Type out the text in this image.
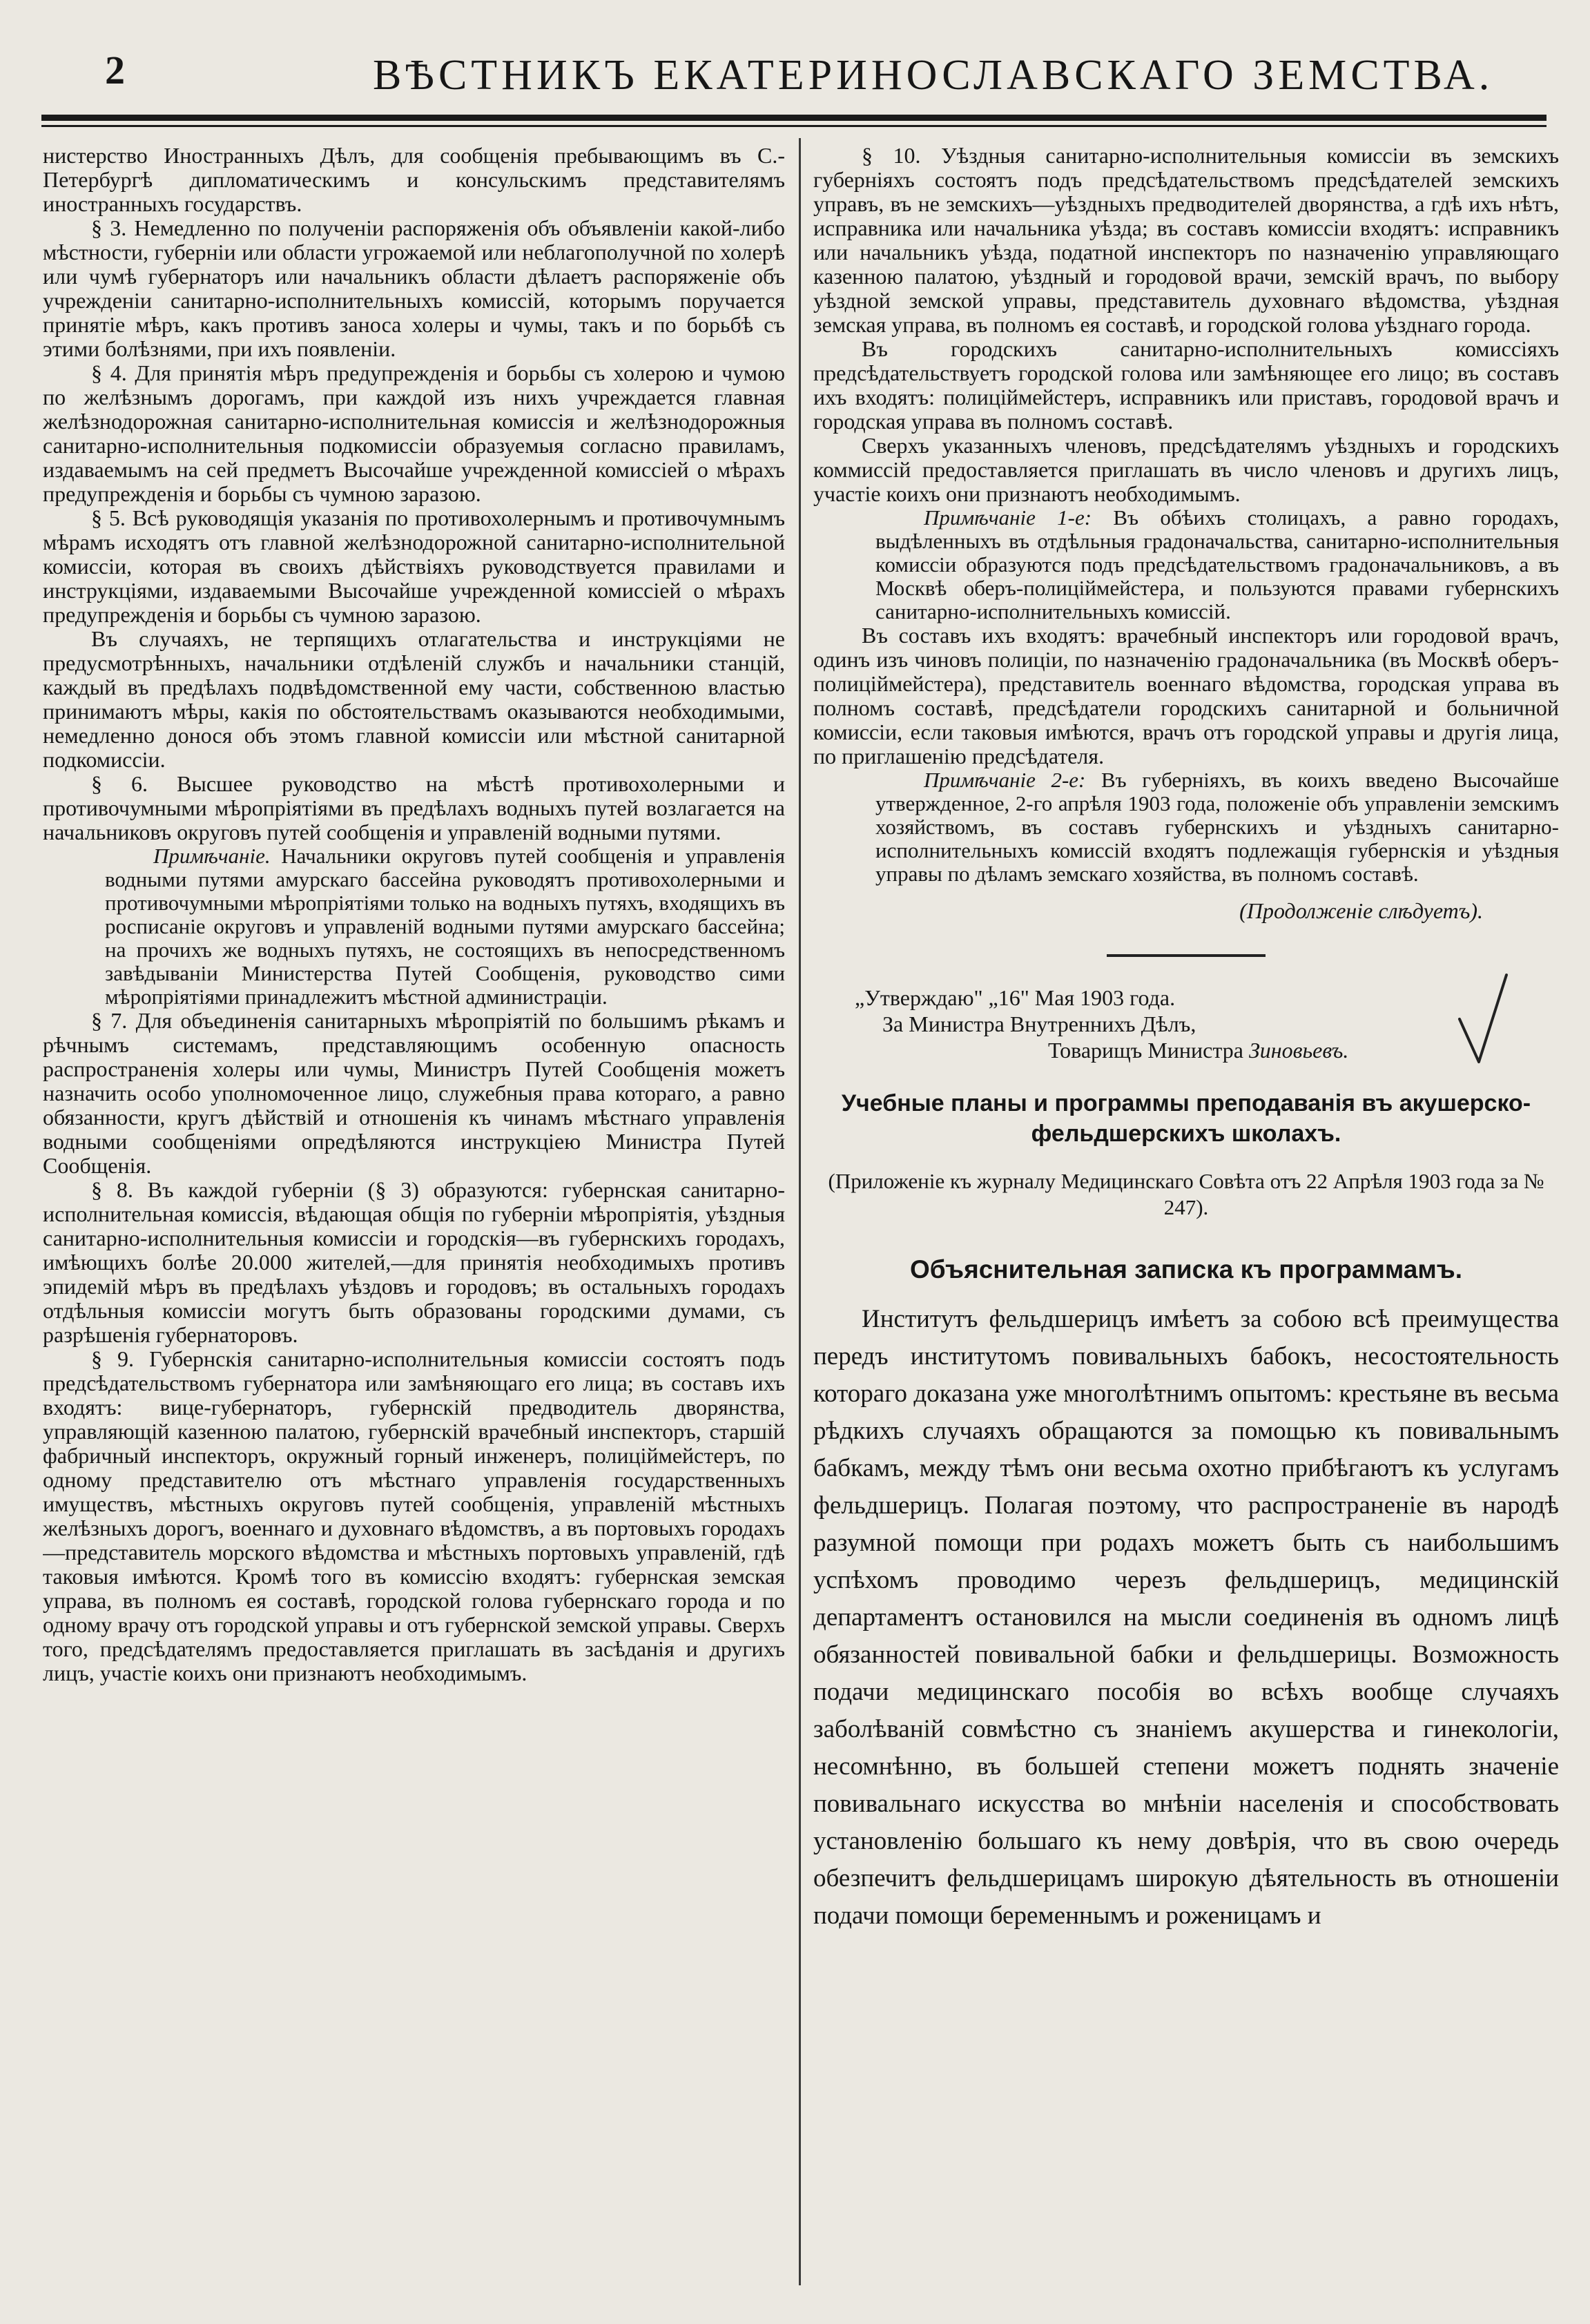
2	ВѢСТНИКЪ ЕКАТЕРИНОСЛАВСКАГО ЗЕМСТВА.

нистерство Иностранныхъ Дѣлъ, для сообщенія пребывающимъ въ С.-Петербургѣ дипломатическимъ и консульскимъ представителямъ иностранныхъ государствъ.

§ 3. Немедленно по полученіи распоряженія объ объявленіи какой-либо мѣстности, губерніи или области угрожаемой или неблагополучной по холерѣ или чумѣ губернаторъ или начальникъ области дѣлаетъ распоряженіе объ учрежденіи санитарно-исполнительныхъ комиссій, которымъ поручается принятіе мѣръ, какъ противъ заноса холеры и чумы, такъ и по борьбѣ съ этими болѣзнями, при ихъ появленіи.

§ 4. Для принятія мѣръ предупрежденія и борьбы съ холерою и чумою по желѣзнымъ дорогамъ, при каждой изъ нихъ учреждается главная желѣзнодорожная санитарно-исполнительная комиссія и желѣзнодорожныя санитарно-исполнительныя подкомиссіи образуемыя согласно правиламъ, издаваемымъ на сей предметъ Высочайше учрежденной комиссіей о мѣрахъ предупрежденія и борьбы съ чумною заразою.

§ 5. Всѣ руководящія указанія по противохолернымъ и противочумнымъ мѣрамъ исходятъ отъ главной желѣзнодорожной санитарно-исполнительной комиссіи, которая въ своихъ дѣйствіяхъ руководствуется правилами и инструкціями, издаваемыми Высочайше учрежденной комиссіей о мѣрахъ предупрежденія и борьбы съ чумною заразою.

Въ случаяхъ, не терпящихъ отлагательства и инструкціями не предусмотрѣнныхъ, начальники отдѣленій службъ и начальники станцій, каждый въ предѣлахъ подвѣдомственной ему части, собственною властью принимаютъ мѣры, какія по обстоятельствамъ оказываются необходимыми, немедленно донося объ этомъ главной комиссіи или мѣстной санитарной подкомиссіи.

§ 6. Высшее руководство на мѣстѣ противохолерными и противочумными мѣропріятіями въ предѣлахъ водныхъ путей возлагается на начальниковъ округовъ путей сообщенія и управленій водными путями.

Примѣчаніе. Начальники округовъ путей сообщенія и управленія водными путями амурскаго бассейна руководятъ противохолерными и противочумными мѣропріятіями только на водныхъ путяхъ, входящихъ въ росписаніе округовъ и управленій водными путями амурскаго бассейна; на прочихъ же водныхъ путяхъ, не состоящихъ въ непосредственномъ завѣдываніи Министерства Путей Сообщенія, руководство сими мѣропріятіями принадлежитъ мѣстной администраціи.

§ 7. Для объединенія санитарныхъ мѣропріятій по большимъ рѣкамъ и рѣчнымъ системамъ, представляющимъ особенную опасность распространенія холеры или чумы, Министръ Путей Сообщенія можетъ назначить особо уполномоченное лицо, служебныя права котораго, а равно обязанности, кругъ дѣйствій и отношенія къ чинамъ мѣстнаго управленія водными сообщеніями опредѣляются инструкціею Министра Путей Сообщенія.

§ 8. Въ каждой губерніи (§ 3) образуются: губернская санитарно-исполнительная комиссія, вѣдающая общія по губерніи мѣропріятія, уѣздныя санитарно-исполнительныя комиссіи и городскія—въ губернскихъ городахъ, имѣющихъ болѣе 20.000 жителей,—для принятія необходимыхъ противъ эпидемій мѣръ въ предѣлахъ уѣздовъ и городовъ; въ остальныхъ городахъ отдѣльныя комиссіи могутъ быть образованы городскими думами, съ разрѣшенія губернаторовъ.

§ 9. Губернскія санитарно-исполнительныя комиссіи состоятъ подъ предсѣдательствомъ губернатора или замѣняющаго его лица; въ составъ ихъ входятъ: вице-губернаторъ, губернскій предводитель дворянства, управляющій казенною палатою, губернскій врачебный инспекторъ, старшій фабричный инспекторъ, окружный горный инженеръ, полиціймейстеръ, по одному представителю отъ мѣстнаго управленія государственныхъ имуществъ, мѣстныхъ округовъ путей сообщенія, управленій мѣстныхъ желѣзныхъ дорогъ, военнаго и духовнаго вѣдомствъ, а въ портовыхъ городахъ—представитель морского вѣдомства и мѣстныхъ портовыхъ управленій, гдѣ таковыя имѣются. Кромѣ того въ комиссію входятъ: губернская земская управа, въ полномъ ея составѣ, городской голова губернскаго города и по одному врачу отъ городской управы и отъ губернской земской управы. Сверхъ того, предсѣдателямъ предоставляется приглашать въ засѣданія и другихъ лицъ, участіе коихъ они признаютъ необходимымъ.

§ 10. Уѣздныя санитарно-исполнительныя комиссіи въ земскихъ губерніяхъ состоятъ подъ предсѣдательствомъ предсѣдателей земскихъ управъ, въ не земскихъ—уѣздныхъ предводителей дворянства, а гдѣ ихъ нѣтъ, исправника или начальника уѣзда; въ составъ комиссіи входятъ: исправникъ или начальникъ уѣзда, податной инспекторъ по назначенію управляющаго казенною палатою, уѣздный и городовой врачи, земскій врачъ, по выбору уѣздной земской управы, представитель духовнаго вѣдомства, уѣздная земская управа, въ полномъ ея составѣ, и городской голова уѣзднаго города.

Въ городскихъ санитарно-исполнительныхъ комиссіяхъ предсѣдательствуетъ городской голова или замѣняющее его лицо; въ составъ ихъ входятъ: полиціймейстеръ, исправникъ или приставъ, городовой врачъ и городская управа въ полномъ составѣ.

Сверхъ указанныхъ членовъ, предсѣдателямъ уѣздныхъ и городскихъ коммиссій предоставляется приглашать въ число членовъ и другихъ лицъ, участіе коихъ они признаютъ необходимымъ.

Примѣчаніе 1-е: Въ обѣихъ столицахъ, а равно городахъ, выдѣленныхъ въ отдѣльныя градоначальства, санитарно-исполнительныя комиссіи образуются подъ предсѣдательствомъ градоначальниковъ, а въ Москвѣ оберъ-полиціймейстера, и пользуются правами губернскихъ санитарно-исполнительныхъ комиссій.

Въ составъ ихъ входятъ: врачебный инспекторъ или городовой врачъ, одинъ изъ чиновъ полиціи, по назначенію градоначальника (въ Москвѣ оберъ-полиціймейстера), представитель военнаго вѣдомства, городская управа въ полномъ составѣ, предсѣдатели городскихъ санитарной и больничной комиссіи, если таковыя имѣются, врачъ отъ городской управы и другія лица, по приглашенію предсѣдателя.

Примѣчаніе 2-е: Въ губерніяхъ, въ коихъ введено Высочайше утвержденное, 2-го апрѣля 1903 года, положеніе объ управленіи земскимъ хозяйствомъ, въ составъ губернскихъ и уѣздныхъ санитарно-исполнительныхъ комиссій входятъ подлежащія губернскія и уѣздныя управы по дѣламъ земскаго хозяйства, въ полномъ составѣ.

(Продолженіе слѣдуетъ).

„Утверждаю" „16" Мая 1903 года.
За Министра Внутреннихъ Дѣлъ,
Товарищъ Министра Зиновьевъ.

Учебные планы и программы преподаванія въ акушерско-фельдшерскихъ школахъ.

(Приложеніе къ журналу Медицинскаго Совѣта отъ 22 Апрѣля 1903 года за № 247).

Объяснительная записка къ программамъ.

Институтъ фельдшерицъ имѣетъ за собою всѣ преимущества передъ институтомъ повивальныхъ бабокъ, несостоятельность котораго доказана уже многолѣтнимъ опытомъ: крестьяне въ весьма рѣдкихъ случаяхъ обращаются за помощью къ повивальнымъ бабкамъ, между тѣмъ они весьма охотно прибѣгаютъ къ услугамъ фельдшерицъ. Полагая поэтому, что распространеніе въ народѣ разумной помощи при родахъ можетъ быть съ наибольшимъ успѣхомъ проводимо черезъ фельдшерицъ, медицинскій департаментъ остановился на мысли соединенія въ одномъ лицѣ обязанностей повивальной бабки и фельдшерицы. Возможность подачи медицинскаго пособія во всѣхъ вообще случаяхъ заболѣваній совмѣстно съ знаніемъ акушерства и гинекологіи, несомнѣнно, въ большей степени можетъ поднять значеніе повивальнаго искусства во мнѣніи населенія и способствовать установленію большаго къ нему довѣрія, что въ свою очередь обезпечитъ фельдшерицамъ широкую дѣятельность въ отношеніи подачи помощи беременнымъ и роженицамъ и
